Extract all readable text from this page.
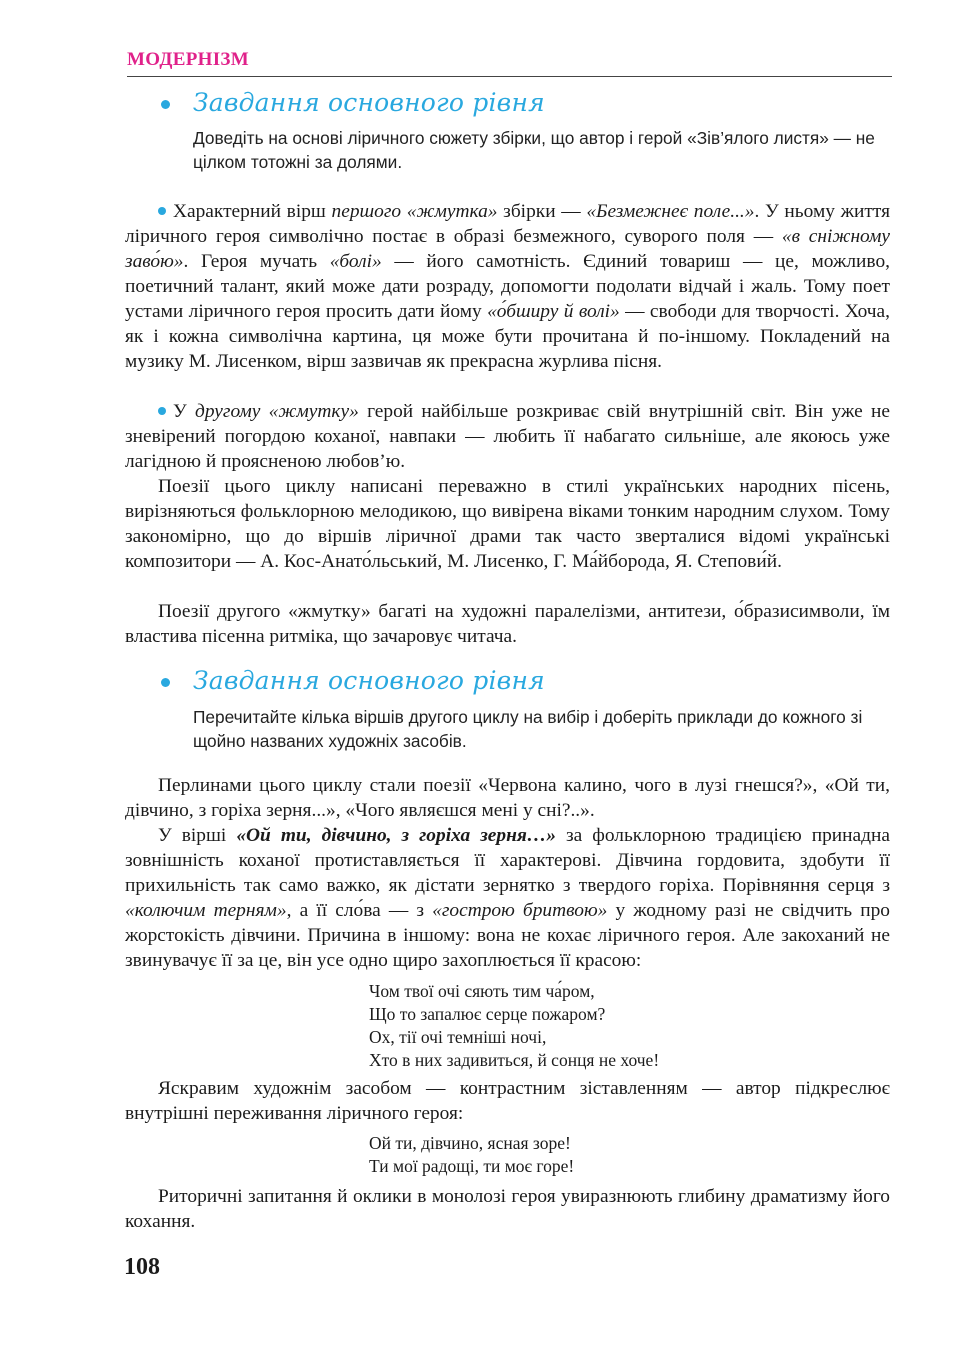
МОДЕРНІЗМ
Завдання основного рівня
Доведіть на основі ліричного сюжету збірки, що автор і герой «Зів’ялого листя» — не цілком тотожні за долями.

Характерний вірш першого «жмутка» збірки — «Безмежнеє поле...». У ньому життя ліричного героя символічно постає в образі безмежного, суворого поля — «в сніжному заво́ю». Героя мучать «болі» — його самотність. Єдиний товариш — це, можливо, поетичний талант, який може дати розраду, допомогти подолати відчай і жаль. Тому поет устами ліричного героя просить дати йому «о́бширу й волі» — свободи для творчості. Хоча, як і кожна символічна картина, ця може бути прочитана й по-іншому. Покладений на музику М. Лисенком, вірш зазвичав як прекрасна журлива пісня.

У другому «жмутку» герой найбільше розкриває свій внутрішній світ. Він уже не зневірений погордою коханої, навпаки — любить її набагато сильніше, але якоюсь уже лагідною й проясненою любов’ю.

Поезії цього циклу написані переважно в стилі українських народних пісень, вирізняються фольклорною мелодикою, що вивірена віками тонким народним слухом. Тому закономірно, що до віршів ліричної драми так часто зверталися відомі українські композитори — А. Кос-Анато́льський, М. Лисенко, Г. Ма́йборода, Я. Степови́й.

Поезії другого «жмутку» багаті на художні паралелізми, антитези, о́бразисимволи, їм властива пісенна ритміка, що зачаровує читача.

Завдання основного рівня
Перечитайте кілька віршів другого циклу на вибір і доберіть приклади до кожного зі щойно названих художніх засобів.

Перлинами цього циклу стали поезії «Червона калино, чого в лузі гнешся?», «Ой ти, дівчино, з горіха зерня...», «Чого являєшся мені у сні?..».

У вірші «Ой ти, дівчино, з горіха зерня…» за фольклорною традицією принадна зовнішність коханої протиставляється її характерові. Дівчина гордовита, здобути її прихильність так само важко, як дістати зернятко з твердого горіха. Порівняння серця з «колючим терням», а її сло́ва — з «гострою бритвою» у жодному разі не свідчить про жорстокість дівчини. Причина в іншому: вона не кохає ліричного героя. Але закоханий не звинувачує її за це, він усе одно щиро захоплюється її красою:

Чом твої очі сяють тим ча́ром,
Що то запалює серце пожаром?
Ох, тії очі темніші ночі,
Хто в них задивиться, й сонця не хоче!

Яскравим художнім засобом — контрастним зіставленням — автор підкреслює внутрішні переживання ліричного героя:

Ой ти, дівчино, ясная зоре!
Ти мої радощі, ти моє горе!

Риторичні запитання й оклики в монолозі героя увиразнюють глибину драматизму його кохання.

108
